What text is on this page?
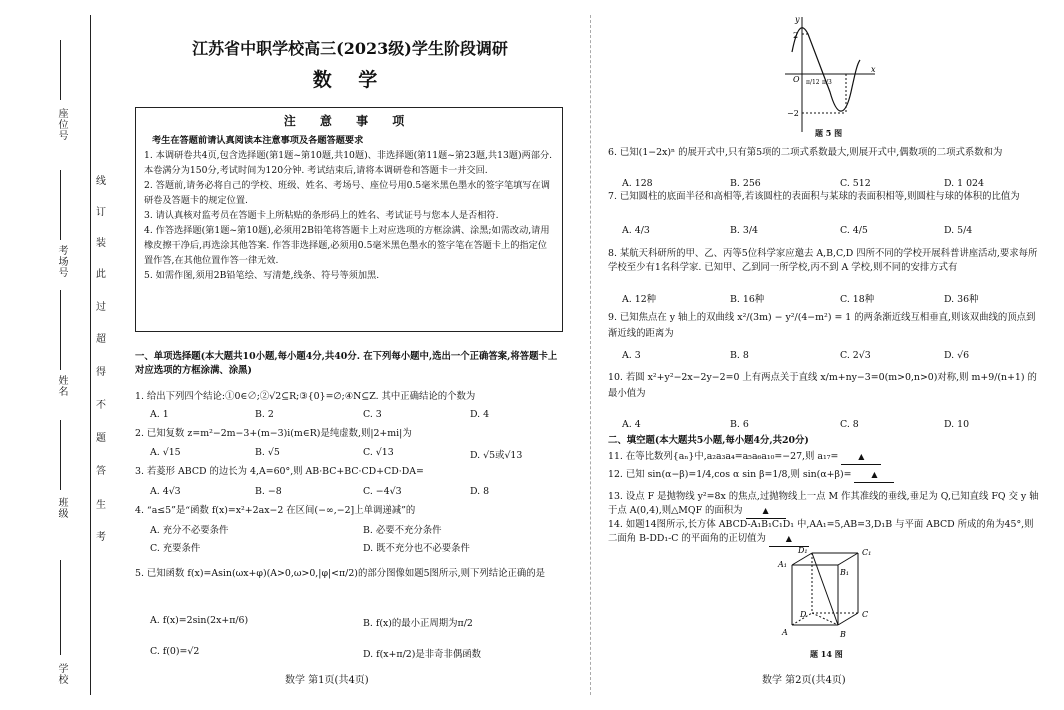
座位号
考场号
姓名
班级
学校
线
订
装
此
过
超
得
不
题
答
生
考
江苏省中职学校高三(2023级)学生阶段调研
数 学
注 意 事 项
考生在答题前请认真阅读本注意事项及各题答题要求
1. 本调研卷共4页,包含选择题(第1题~第10题,共10题)、非选择题(第11题~第23题,共13题)两部分. 本卷满分为150分,考试时间为120分钟. 考试结束后,请将本调研卷和答题卡一并交回.
2. 答题前,请务必将自己的学校、班级、姓名、考场号、座位号用0.5毫米黑色墨水的签字笔填写在调研卷及答题卡的规定位置.
3. 请认真核对监考员在答题卡上所粘贴的条形码上的姓名、考试证号与您本人是否相符.
4. 作答选择题(第1题~第10题),必须用2B铅笔将答题卡上对应选项的方框涂满、涂黑;如需改动,请用橡皮擦干净后,再选涂其他答案. 作答非选择题,必须用0.5毫米黑色墨水的签字笔在答题卡上的指定位置作答,在其他位置作答一律无效.
5. 如需作图,须用2B铅笔绘、写清楚,线条、符号等须加黑.
一、单项选择题(本大题共10小题,每小题4分,共40分. 在下列每小题中,选出一个正确答案,将答题卡上对应选项的方框涂满、涂黑)
1. 给出下列四个结论:①0∈∅;②√2⊆R;③{0}=∅;④N⊆Z. 其中正确结论的个数为
A. 1	B. 2	C. 3	D. 4
2. 已知复数 z=m²−2m−3+(m−3)i(m∈R)是纯虚数,则|2+mi|为
A. √15	B. √5	C. √13	D. √5或√13
3. 若菱形 ABCD 的边长为 4,A=60°,则 AB·BC+BC·CD+CD·DA=
A. 4√3	B. −8	C. −4√3	D. 8
4. “a≤5”是“函数 f(x)=x²+2ax−2 在区间(−∞,−2]上单调递减”的
A. 充分不必要条件	B. 必要不充分条件
C. 充要条件	D. 既不充分也不必要条件
5. 已知函数 f(x)=Asin(ωx+φ)(A>0,ω>0,|φ|<π/2)的部分图像如题5图所示,则下列结论正确的是
A. f(x)=2sin(2x+π/6)	B. f(x)的最小正周期为π/2
C. f(0)=√2	D. f(x+π/2)是非奇非偶函数
数学 第1页(共4页)
2
−2
O π/12 π/3
x
y
题 5 图
6. 已知(1−2x)ⁿ 的展开式中,只有第5项的二项式系数最大,则展开式中,偶数项的二项式系数和为
A. 128	B. 256	C. 512	D. 1 024
7. 已知圆柱的底面半径和高相等,若该圆柱的表面积与某球的表面积相等,则圆柱与球的体积的比值为
A. 4/3	B. 3/4	C. 4/5	D. 5/4
8. 某航天科研所的甲、乙、丙等5位科学家应邀去 A,B,C,D 四所不同的学校开展科普讲座活动,要求每所学校至少有1名科学家. 已知甲、乙到同一所学校,丙不到 A 学校,则不同的安排方式有
A. 12种	B. 16种	C. 18种	D. 36种
9. 已知焦点在 y 轴上的双曲线 x²/(3m) − y²/(4−m²) = 1 的两条渐近线互相垂直,则该双曲线的顶点到渐近线的距离为
A. 3	B. 8	C. 2√3	D. √6
10. 若圆 x²+y²−2x−2y−2=0 上有两点关于直线 x/m+ny−3=0(m>0,n>0)对称,则 m+9/(n+1) 的最小值为
A. 4	B. 6	C. 8	D. 10
二、填空题(本大题共5小题,每小题4分,共20分)
11. 在等比数列{aₙ}中,a₂a₃a₄=a₅a₆a₁₀=−27,则 a₁₇= ▲
12. 已知 sin(α−β)=1/4,cos α sin β=1/8,则 sin(α+β)= ▲
13. 设点 F 是抛物线 y²=8x 的焦点,过抛物线上一点 M 作其准线的垂线,垂足为 Q,已知直线 FQ 交 y 轴于点 A(0,4),则△MQF 的面积为 ▲
14. 如题14图所示,长方体 ABCD-A₁B₁C₁D₁ 中,AA₁=5,AB=3,D₁B 与平面 ABCD 所成的角为45°,则二面角 B-DD₁-C 的平面角的正切值为 ▲
D₁	C₁
A₁
B₁
D	C
A	B
题 14 图
数学 第2页(共4页)
